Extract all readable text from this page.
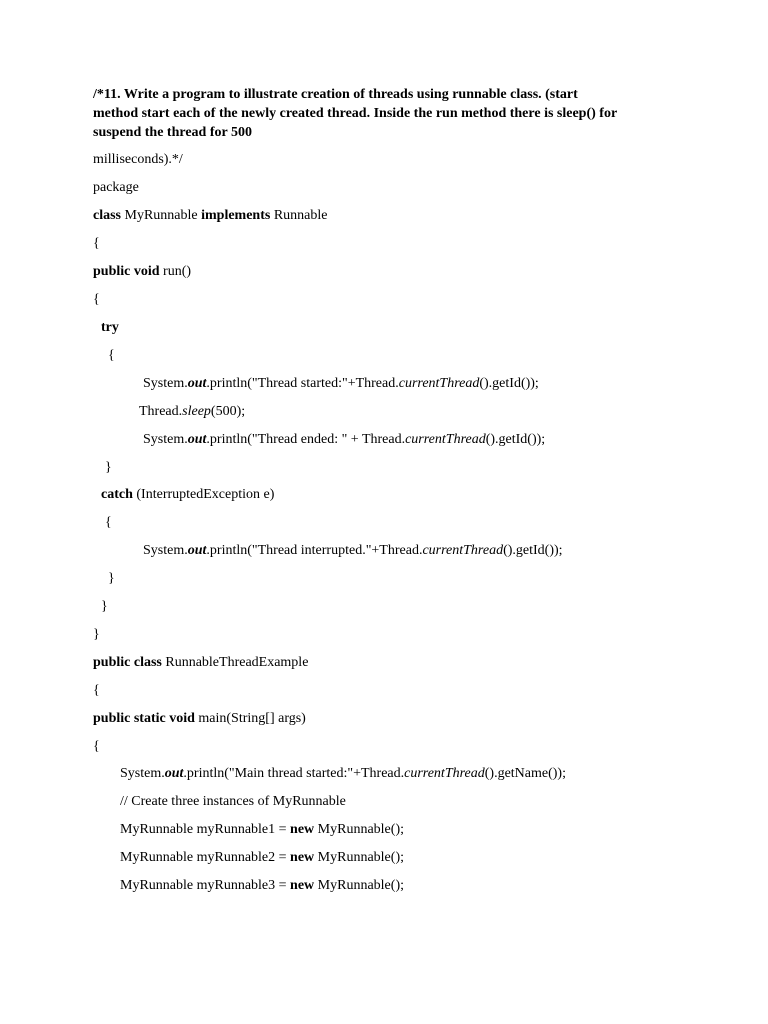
/*11. Write a program to illustrate creation of threads using runnable class. (start
method start each of the newly created thread. Inside the run method there is sleep() for
suspend the thread for 500
milliseconds).*/
package
class MyRunnable implements Runnable
{
public void run()
{
try
{
System.out.println("Thread started:"+Thread.currentThread().getId());
Thread.sleep(500);
System.out.println("Thread ended: " + Thread.currentThread().getId());
}
catch (InterruptedException e)
{
System.out.println("Thread interrupted."+Thread.currentThread().getId());
}
}
}
public class RunnableThreadExample
{
public static void main(String[] args)
{
System.out.println("Main thread started:"+Thread.currentThread().getName());
// Create three instances of MyRunnable
MyRunnable myRunnable1 = new MyRunnable();
MyRunnable myRunnable2 = new MyRunnable();
MyRunnable myRunnable3 = new MyRunnable();
